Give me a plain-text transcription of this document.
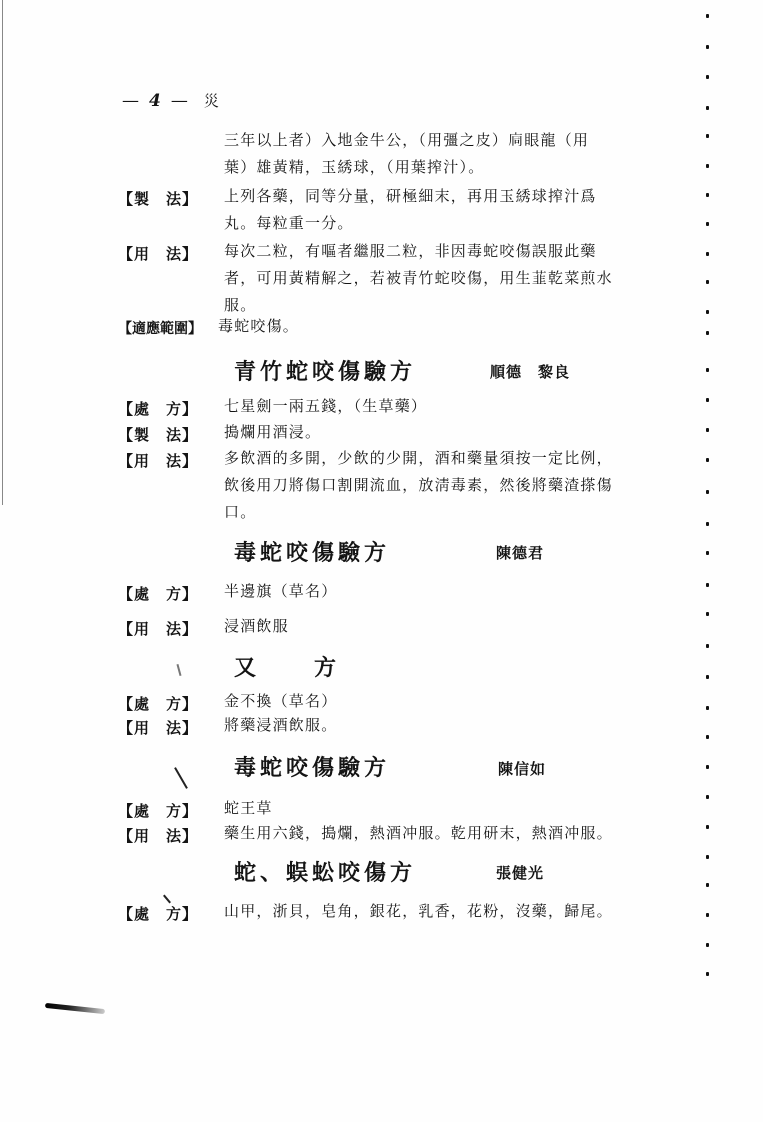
— 4 — 災
三年以上者）入地金牛公，（用彊之皮）𢈉眼龍（用
葉）雄黃精，玉綉球，（用葉搾汁）。
【製　法】 上列各藥，同等分量，研極細末，再用玉綉球搾汁爲
丸。每粒重一分。
【用　法】 每次二粒，有嘔者繼服二粒，非因毒蛇咬傷誤服此藥
者，可用黃精解之，若被青竹蛇咬傷，用生韮乾菜煎水
服。
【適應範圍】 毒蛇咬傷。
青竹蛇咬傷驗方	順德　黎良
【處　方】 七星劍一兩五錢，（生草藥）
【製　法】 搗爛用酒浸。
【用　法】 多飲酒的多開，少飲的少開，酒和藥量須按一定比例，
飲後用刀將傷口割開流血，放淸毒素，然後將藥渣搽傷
口。
毒蛇咬傷驗方	陳德君
【處　方】 半邊旗（草名）
【用　法】 浸酒飲服
又　方
【處　方】 金不換（草名）
【用　法】 將藥浸酒飲服。
毒蛇咬傷驗方	陳信如
【處　方】 蛇王草
【用　法】 藥生用六錢，搗爛，熱酒冲服。乾用研末，熱酒冲服。
蛇、蜈蚣咬傷方	張健光
【處　方】 山甲，浙貝，皂角，銀花，乳香，花粉，沒藥，歸尾。
